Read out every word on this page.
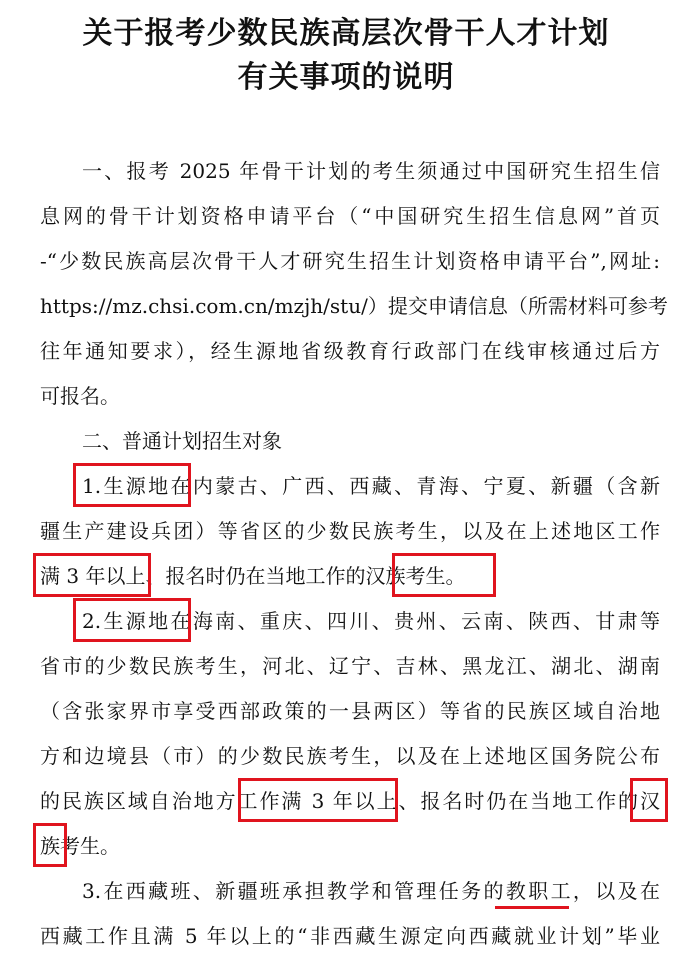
关于报考少数民族高层次骨干人才计划
有关事项的说明
一、报考 2025 年骨干计划的考生须通过中国研究生招生信
息网的骨干计划资格申请平台（“中国研究生招生信息网”首页
-“少数民族高层次骨干人才研究生招生计划资格申请平台”,网址:
https://mz.chsi.com.cn/mzjh/stu/）提交申请信息（所需材料可参考
往年通知要求），经生源地省级教育行政部门在线审核通过后方
可报名。
二、普通计划招生对象
1.生源地在内蒙古、广西、西藏、青海、宁夏、新疆（含新
疆生产建设兵团）等省区的少数民族考生，以及在上述地区工作
满 3 年以上、报名时仍在当地工作的汉族考生。
2.生源地在海南、重庆、四川、贵州、云南、陕西、甘肃等
省市的少数民族考生，河北、辽宁、吉林、黑龙江、湖北、湖南
（含张家界市享受西部政策的一县两区）等省的民族区域自治地
方和边境县（市）的少数民族考生，以及在上述地区国务院公布
的民族区域自治地方工作满 3 年以上、报名时仍在当地工作的汉
族考生。
3.在西藏班、新疆班承担教学和管理任务的教职工，以及在
西藏工作且满 5 年以上的“非西藏生源定向西藏就业计划”毕业
